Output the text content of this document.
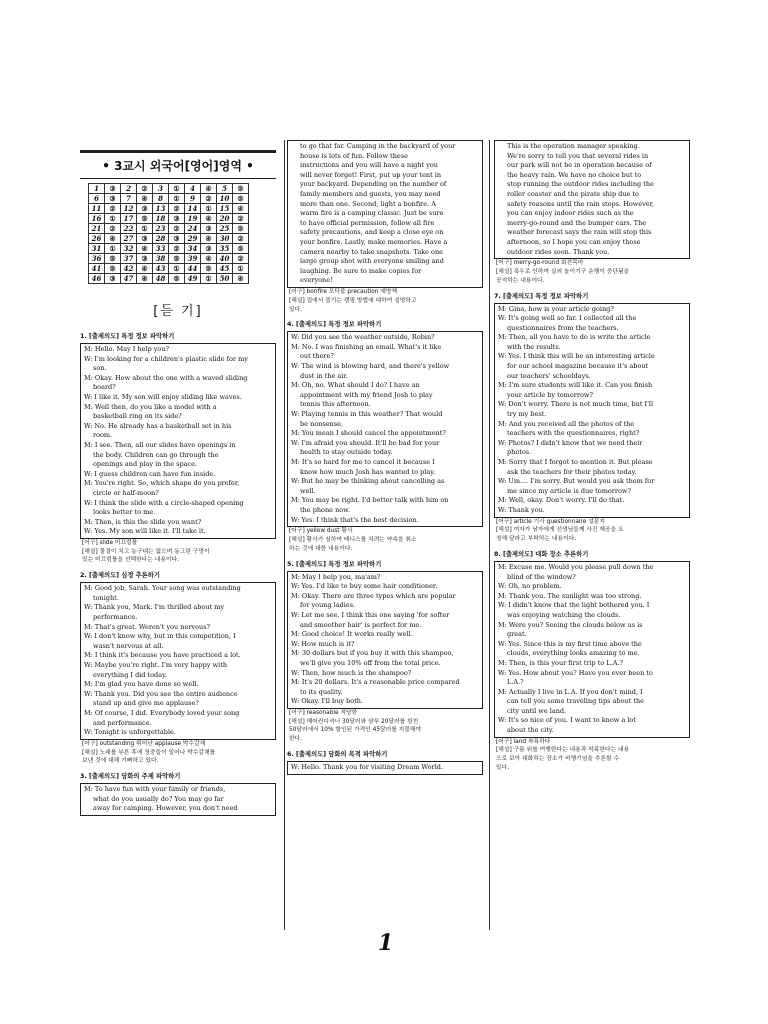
• 3교시 외국어[영어]영역 •
1	③	2	②	3	①	4	④	5	⑤
6	③	7	④	8	①	9	②	10	⑤
11	②	12	③	13	②	14	①	15	④
16	①	17	⑤	18	③	19	④	20	②
21	②	22	①	23	②	24	③	25	⑤
26	④	27	③	28	③	29	④	30	②
31	①	32	④	33	②	34	③	35	⑤
36	⑤	37	③	38	⑤	39	④	40	②
41	⑤	42	④	43	①	44	⑤	45	①
46	③	47	④	48	⑤	49	①	50	④
[듣 기]
1. [출제의도] 특정 정보 파악하기
M: Hello. May I help you?
W: I'm looking for a children's plastic slide for my
son.
M: Okay. How about the one with a waved sliding
board?
W: I like it. My son will enjoy sliding like waves.
M: Well then, do you like a model with a
basketball ring on its side?
W: No. He already has a basketball set in his
room.
M: I see. Then, all our slides have openings in
the body. Children can go through the
openings and play in the space.
W: I guess children can have fun inside.
M: You're right. So, which shape do you prefer,
circle or half-moon?
W: I think the slide with a circle-shaped opening
looks better to me.
M: Then, is this the slide you want?
W: Yes. My son will like it. I'll take it.
[어구] slide 미끄럼틀
[해설] 물결이 치고 농구대는 없으며 동그란 구멍이
있는 미끄럼틀을 선택한다는 내용이다.
2. [출제의도] 심정 추론하기
M: Good job, Sarah. Your song was outstanding
tonight.
W: Thank you, Mark. I'm thrilled about my
performance.
M: That's great. Weren't you nervous?
W: I don't know why, but in this competition, I
wasn't nervous at all.
M: I think it's because you have practiced a lot.
W: Maybe you're right. I'm very happy with
everything I did today.
M: I'm glad you have done so well.
W: Thank you. Did you see the entire audience
stand up and give me applause?
M: Of course, I did. Everybody loved your song
and performance.
W: Tonight is unforgettable.
[어구] outstanding 뛰어난 applause 박수갈채
[해설] 노래를 부른 후에 청중들이 일어나 박수갈채를
보낸 것에 대해 기뻐하고 있다.
3. [출제의도] 담화의 주제 파악하기
M: To have fun with your family or friends,
what do you usually do? You may go far
away for camping. However, you don't need
to go that far. Camping in the backyard of your
house is lots of fun. Follow these
instructions and you will have a night you
will never forget! First, put up your tent in
your backyard. Depending on the number of
family members and guests, you may need
more than one. Second, light a bonfire. A
warm fire is a camping classic. Just be sure
to have official permission, follow all fire
safety precautions, and keep a close eye on
your bonfire. Lastly, make memories. Have a
camera nearby to take snapshots. Take one
large group shot with everyone smiling and
laughing. Be sure to make copies for
everyone!
[어구] bonfire 모닥불 precaution 예방책
[해설] 집에서 즐기는 캠핑 방법에 대하여 설명하고
있다.
4. [출제의도] 특정 정보 파악하기
W: Did you see the weather outside, Robin?
M: No. I was finishing an email. What's it like
out there?
W: The wind is blowing hard, and there's yellow
dust in the air.
M: Oh, no. What should I do? I have an
appointment with my friend Josh to play
tennis this afternoon.
W: Playing tennis in this weather? That would
be nonsense.
M: You mean I should cancel the appointment?
W: I'm afraid you should. It'll be bad for your
health to stay outside today.
M: It's so hard for me to cancel it because I
know how much Josh has wanted to play.
W: But he may be thinking about cancelling as
well.
M: You may be right. I'd better talk with him on
the phone now.
W: Yes. I think that's the best decision.
[어구] yellow dust 황사
[해설] 황사가 심하여 테니스를 치려는 약속을 취소
하는 것에 대한 내용이다.
5. [출제의도] 특정 정보 파악하기
M: May I help you, ma'am?
W: Yes. I'd like to buy some hair conditioner.
M: Okay. There are three types which are popular
for young ladies.
W: Let me see. I think this one saying 'for softer
and smoother hair' is perfect for me.
M: Good choice! It works really well.
W: How much is it?
M: 30 dollars but if you buy it with this shampoo,
we'll give you 10% off from the total price.
W: Then, how much is the shampoo?
M: It's 20 dollars. It's a reasonable price compared
to its quality.
W: Okay. I'll buy both.
[어구] reasonable 적당한
[해설] 헤어컨디셔너 30달러와 샴푸 20달러를 함친
50달러에서 10% 할인된 가격인 45달러를 지불해야
한다.
6. [출제의도] 담화의 목적 파악하기
W: Hello. Thank you for visiting Dream World.
This is the operation manager speaking.
We're sorry to tell you that several rides in
our park will not be in operation because of
the heavy rain. We have no choice but to
stop running the outdoor rides including the
roller coaster and the pirate ship due to
safety reasons until the rain stops. However,
you can enjoy indoor rides such as the
merry-go-round and the bumper cars. The
weather forecast says the rain will stop this
afternoon, so I hope you can enjoy those
outdoor rides soon. Thank you.
[어구] merry-go-round 회전목마
[해설] 폭우로 인하여 실외 놀이기구 운행이 중단됨을
공지하는 내용이다.
7. [출제의도] 특정 정보 파악하기
M: Gina, how is your article going?
W: It's going well so far. I collected all the
questionnaires from the teachers.
M: Then, all you have to do is write the article
with the results.
W: Yes. I think this will be an interesting article
for our school magazine because it's about
our teachers' schooldays.
M: I'm sure students will like it. Can you finish
your article by tomorrow?
W: Don't worry. There is not much time, but I'll
try my best.
M: And you received all the photos of the
teachers with the questionnaires, right?
W: Photos? I didn't know that we need their
photos.
M: Sorry that I forgot to mention it. But please
ask the teachers for their photos today.
W: Um.... I'm sorry. But would you ask them for
me since my article is due tomorrow?
M: Well, okay. Don't worry. I'll do that.
W: Thank you.
[어구] article 기사 questionnaire 설문지
[해설] 여자가 남자에게 선생님들께 사진 제공을 요
청해 달라고 부탁하는 내용이다.
8. [출제의도] 대화 장소 추론하기
M: Excuse me. Would you please pull down the
blind of the window?
W: Oh, no problem.
M: Thank you. The sunlight was too strong.
W: I didn't know that the light bothered you. I
was enjoying watching the clouds.
M: Were you? Seeing the clouds below us is
great.
W: Yes. Since this is my first time above the
clouds, everything looks amazing to me.
M: Then, is this your first trip to L.A.?
W: Yes. How about you? Have you ever been to
L.A.?
M: Actually I live in L.A. If you don't mind, I
can tell you some traveling tips about the
city until we land.
W: It's so nice of you. I want to know a lot
about the city.
[어구] land 착륙하다
[해설] 구름 위를 여행한다는 내용과 착륙한다는 내용
으로 보아 대화하는 장소가 비행기임을 추론할 수
있다.
1
